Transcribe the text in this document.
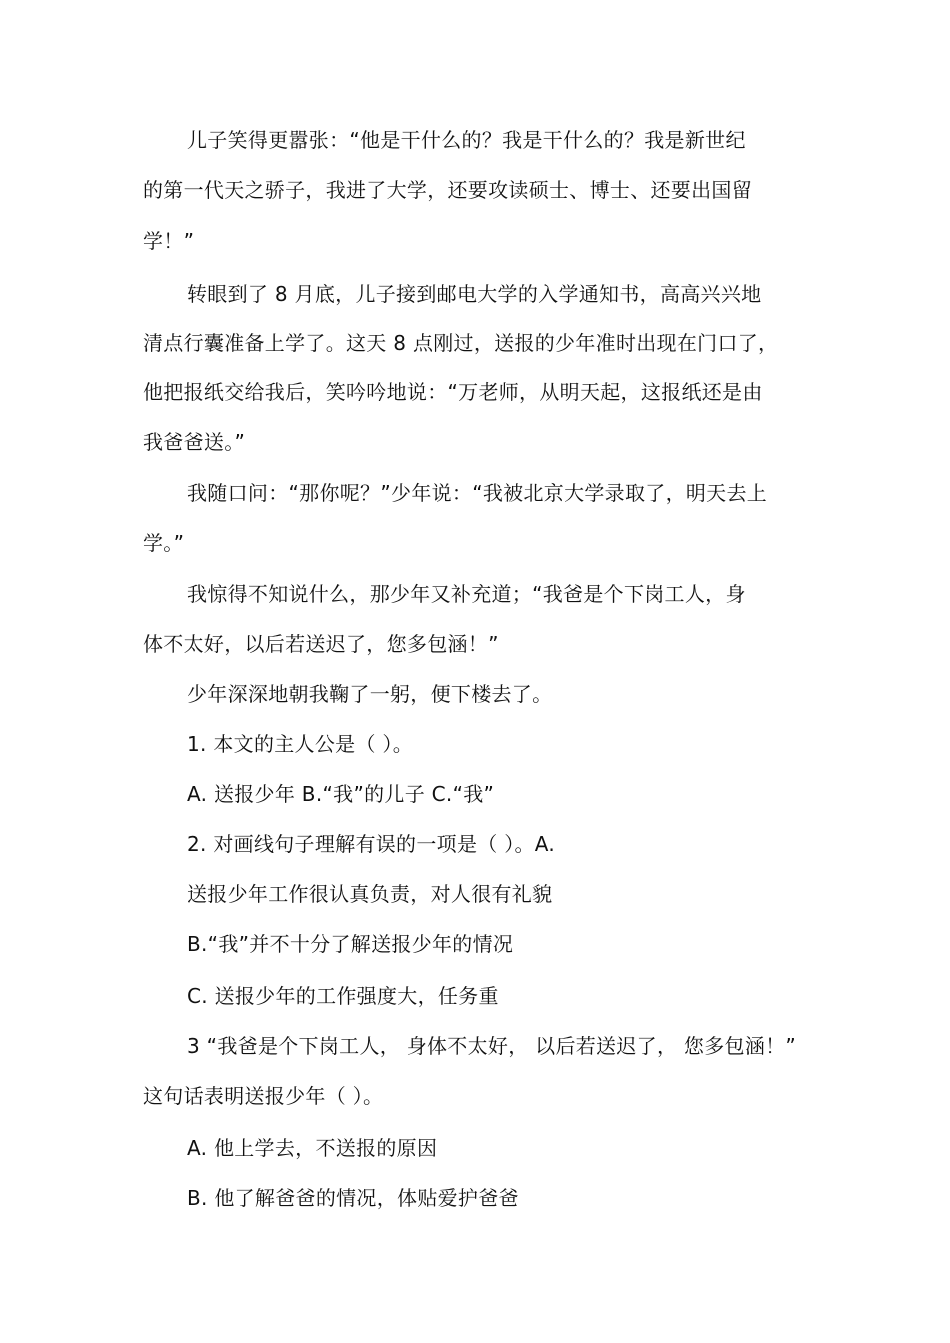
儿子笑得更嚣张：“他是干什么的？我是干什么的？我是新世纪
的第一代天之骄子，我进了大学，还要攻读硕士、博士、还要出国留
学！”
转眼到了 8 月底，儿子接到邮电大学的入学通知书，高高兴兴地
清点行囊准备上学了。这天 8 点刚过，送报的少年准时出现在门口了，
他把报纸交给我后，笑吟吟地说：“万老师，从明天起，这报纸还是由
我爸爸送。”
我随口问：“那你呢？”少年说：“我被北京大学录取了，明天去上
学。”
我惊得不知说什么，那少年又补充道；“我爸是个下岗工人，身
体不太好，以后若送迟了，您多包涵！”
少年深深地朝我鞠了一躬，便下楼去了。
1. 本文的主人公是（ ）。
A. 送报少年 B.“我”的儿子 C.“我”
2. 对画线句子理解有误的一项是（ ）。A.
送报少年工作很认真负责，对人很有礼貌
B.“我”并不十分了解送报少年的情况
C. 送报少年的工作强度大，任务重
3 “我爸是个下岗工人， 身体不太好， 以后若送迟了， 您多包涵！”
这句话表明送报少年（ ）。
A. 他上学去，不送报的原因
B. 他了解爸爸的情况，体贴爱护爸爸
